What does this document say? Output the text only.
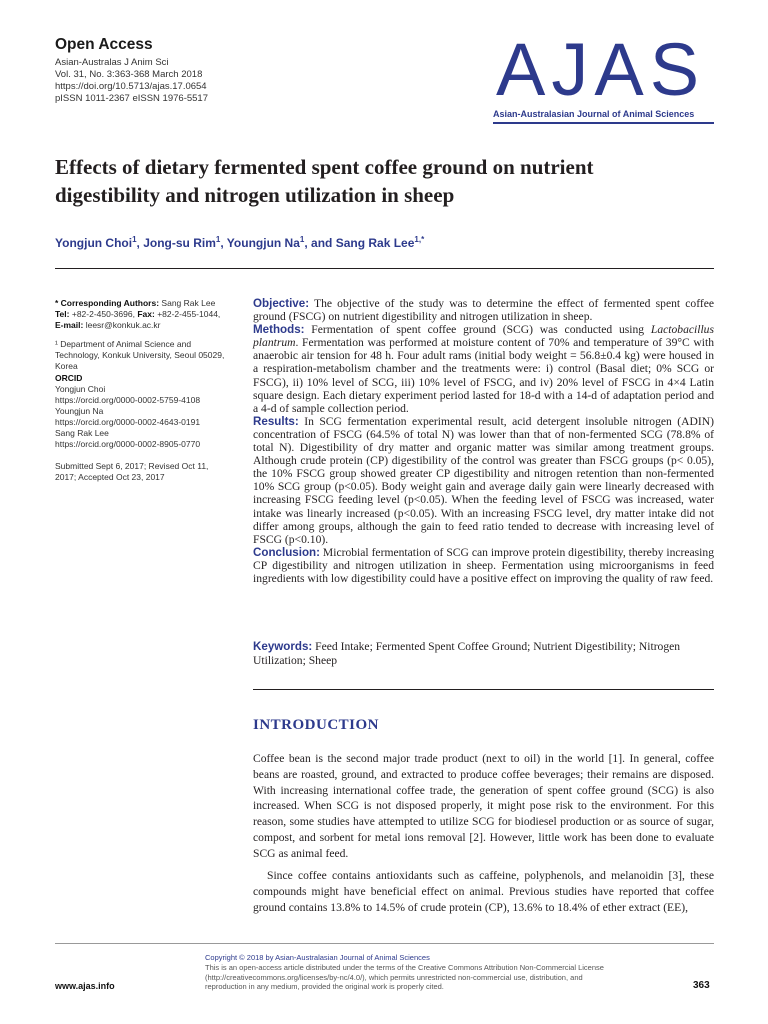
Open Access
Asian-Australas J Anim Sci
Vol. 31, No. 3:363-368 March 2018
https://doi.org/10.5713/ajas.17.0654
pISSN 1011-2367 eISSN 1976-5517	AJAS
Asian-Australasian Journal of Animal Sciences
Effects of dietary fermented spent coffee ground on nutrient digestibility and nitrogen utilization in sheep
Yongjun Choi$^1$, Jong-su Rim$^1$, Youngjun Na$^1$, and Sang Rak Lee$^{1,*}$
* Corresponding Authors: Sang Rak Lee
Tel: +82-2-450-3696, Fax: +82-2-455-1044,
E-mail: leesr@konkuk.ac.kr
¹ Department of Animal Science and Technology, Konkuk University, Seoul 05029, Korea
ORCID
Yongjun Choi
https://orcid.org/0000-0002-5759-4108
Youngjun Na
https://orcid.org/0000-0002-4643-0191
Sang Rak Lee
https://orcid.org/0000-0002-8905-0770
Submitted Sept 6, 2017; Revised Oct 11, 2017; Accepted Oct 23, 2017
Objective: The objective of the study was to determine the effect of fermented spent coffee ground (FSCG) on nutrient digestibility and nitrogen utilization in sheep.
Methods: Fermentation of spent coffee ground (SCG) was conducted using Lactobacillus plantrum. Fermentation was performed at moisture content of 70% and temperature of 39°C with anaerobic air tension for 48 h. Four adult rams (initial body weight = 56.8±0.4 kg) were housed in a respiration-metabolism chamber and the treatments were: i) control (Basal diet; 0% SCG or FSCG), ii) 10% level of SCG, iii) 10% level of FSCG, and iv) 20% level of FSCG in 4×4 Latin square design. Each dietary experiment period lasted for 18-d with a 14-d of adaptation period and a 4-d of sample collection period.
Results: In SCG fermentation experimental result, acid detergent insoluble nitrogen (ADIN) concentration of FSCG (64.5% of total N) was lower than that of non-fermented SCG (78.8% of total N). Digestibility of dry matter and organic matter was similar among treatment groups. Although crude protein (CP) digestibility of the control was greater than FSCG groups (p< 0.05), the 10% FSCG group showed greater CP digestibility and nitrogen retention than non-fermented 10% SCG group (p<0.05). Body weight gain and average daily gain were linearly decreased with increasing FSCG feeding level (p<0.05). When the feeding level of FSCG was increased, water intake was linearly increased (p<0.05). With an increasing FSCG level, dry matter intake did not differ among groups, although the gain to feed ratio tended to decrease with increasing level of FSCG (p<0.10).
Conclusion: Microbial fermentation of SCG can improve protein digestibility, thereby increasing CP digestibility and nitrogen utilization in sheep. Fermentation using microorganisms in feed ingredients with low digestibility could have a positive effect on improving the quality of raw feed.
Keywords: Feed Intake; Fermented Spent Coffee Ground; Nutrient Digestibility; Nitrogen Utilization; Sheep
INTRODUCTION
Coffee bean is the second major trade product (next to oil) in the world [1]. In general, coffee beans are roasted, ground, and extracted to produce coffee beverages; their remains are disposed. With increasing international coffee trade, the generation of spent coffee ground (SCG) is also increased. When SCG is not disposed properly, it might pose risk to the environment. For this reason, some studies have attempted to utilize SCG for biodiesel production or as source of sugar, compost, and sorbent for metal ions removal [2]. However, little work has been done to evaluate SCG as animal feed.
Since coffee contains antioxidants such as caffeine, polyphenols, and melanoidin [3], these compounds might have beneficial effect on animal. Previous studies have reported that coffee ground contains 13.8% to 14.5% of crude protein (CP), 13.6% to 18.4% of ether extract (EE),
www.ajas.info
Copyright © 2018 by Asian-Australasian Journal of Animal Sciences
This is an open-access article distributed under the terms of the Creative Commons Attribution Non-Commercial License (http://creativecommons.org/licenses/by-nc/4.0/), which permits unrestricted non-commercial use, distribution, and reproduction in any medium, provided the original work is properly cited.	363
